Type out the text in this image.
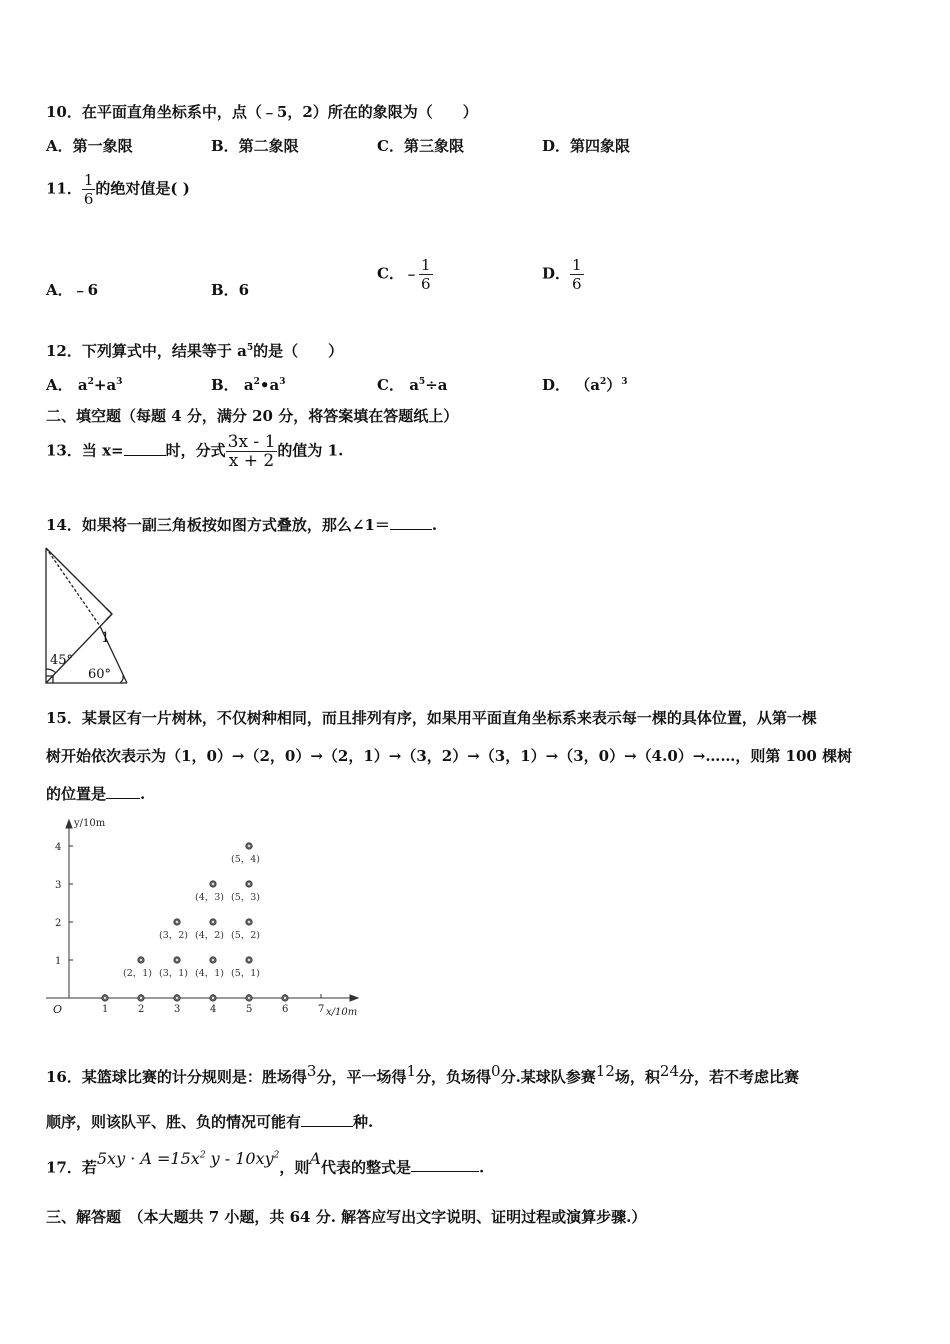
10．在平面直角坐标系中，点（﹣5，2）所在的象限为（　　）
A．第一象限	B．第二象限	C．第三象限	D．第四象限
11． $\frac{1}{6}$ 的绝对值是( )
A．﹣6	B．6
C．﹣ $\frac{1}{6}$	D． $\frac{1}{6}$
12．下列算式中，结果等于 $a^5$的是（　　）
A． $a^2+a^3$	B． $a^2•a^3$	C． $a^5\div a$	D． $(a^2)^3$
二、填空题（每题 4 分，满分 20 分，将答案填在答题纸上）
13．当 x=	时，分式 $\frac{3x - 1}{x + 2}$ 的值为 1.
14．如果将一副三角板按如图方式叠放，那么∠1＝	.
1
45°
60°
15．某景区有一片树林，不仅树种相同，而且排列有序，如果用平面直角坐标系来表示每一棵的具体位置，从第一棵
树开始依次表示为（1，0）→（2，0）→（2，1）→（3，2）→（3，1）→（3，0）→（4.0）→……，则第 100 棵树
的位置是 .
y/10m
x/10m
O	1	2	3	4	5	6	7
1
2
3
4
(2，1) (3，1) (4，1) (5，1)
(3，2) (4，2) (5，2)
(4，3) (5，3)
(5，4)
16．某篮球比赛的计分规则是：胜场得$^3$分，平一场得$^1$分，负场得$^0$分.某球队参赛$^{12}$场，积$^{24}$分，若不考虑比赛
顺序，则该队平、胜、负的情况可能有	种.
17．若$5xy \cdot A =15x^2$ y - $10xy^2$，则A代表的整式是	.
三、解答题　（本大题共 7 小题，共 64 分. 解答应写出文字说明、证明过程或演算步骤.）
